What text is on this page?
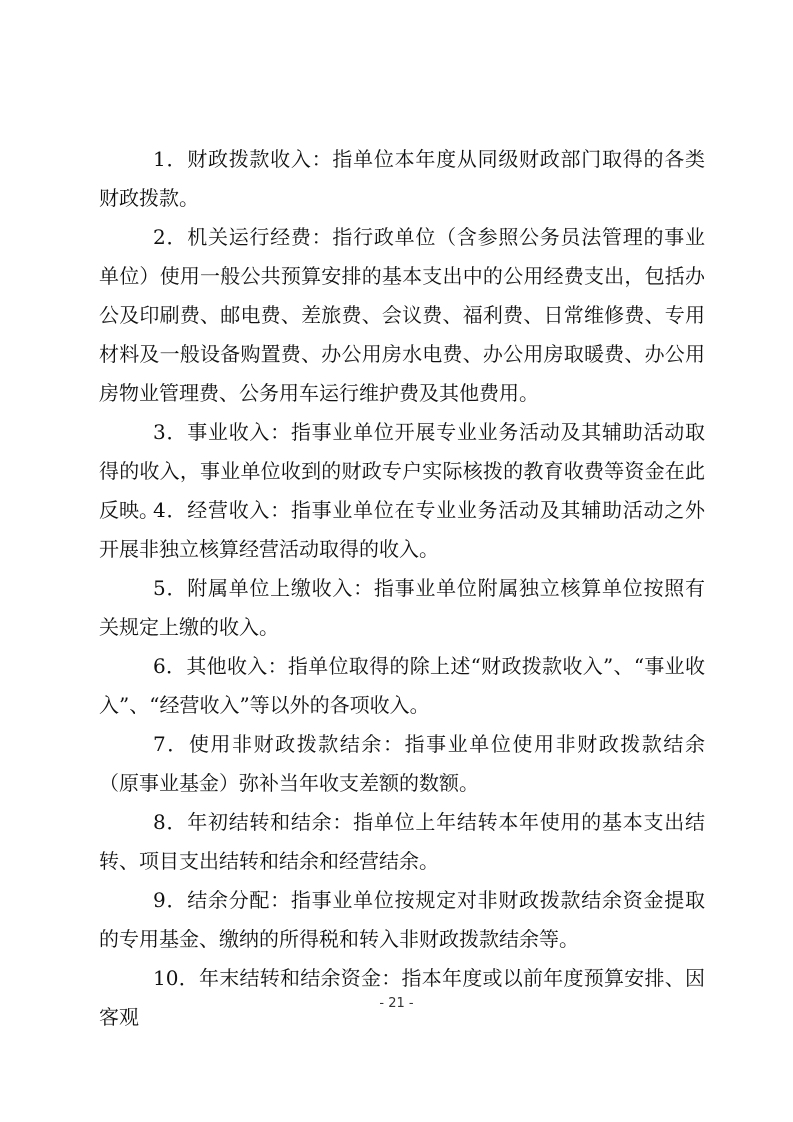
1．财政拨款收入：指单位本年度从同级财政部门取得的各类财政拨款。

2．机关运行经费：指行政单位（含参照公务员法管理的事业单位）使用一般公共预算安排的基本支出中的公用经费支出，包括办公及印刷费、邮电费、差旅费、会议费、福利费、日常维修费、专用材料及一般设备购置费、办公用房水电费、办公用房取暖费、办公用房物业管理费、公务用车运行维护费及其他费用。

3．事业收入：指事业单位开展专业业务活动及其辅助活动取得的收入，事业单位收到的财政专户实际核拨的教育收费等资金在此反映。

4．经营收入：指事业单位在专业业务活动及其辅助活动之外开展非独立核算经营活动取得的收入。

5．附属单位上缴收入：指事业单位附属独立核算单位按照有关规定上缴的收入。

6．其他收入：指单位取得的除上述“财政拨款收入”、“事业收入”、“经营收入”等以外的各项收入。

7．使用非财政拨款结余：指事业单位使用非财政拨款结余（原事业基金）弥补当年收支差额的数额。

8．年初结转和结余：指单位上年结转本年使用的基本支出结转、项目支出结转和结余和经营结余。

9．结余分配：指事业单位按规定对非财政拨款结余资金提取的专用基金、缴纳的所得税和转入非财政拨款结余等。

10．年末结转和结余资金：指本年度或以前年度预算安排、因客观

- 21 -
